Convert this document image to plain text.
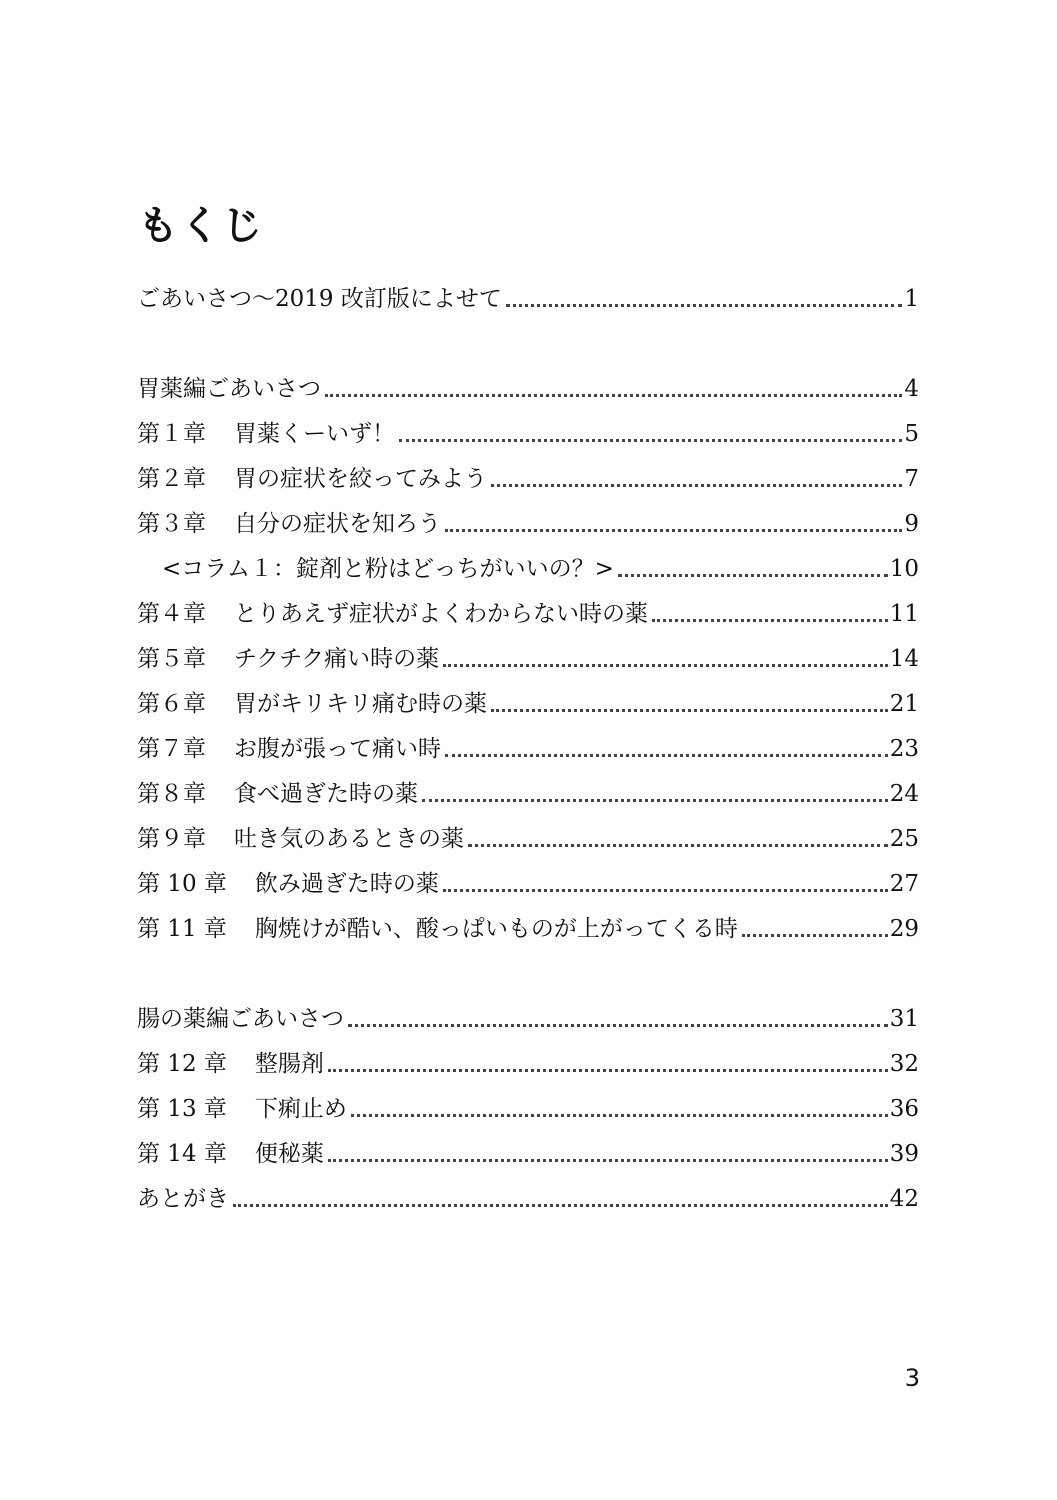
もくじ
ごあいさつ～2019 改訂版によせて	1
胃薬編ごあいさつ	4
第１章 胃薬くーいず！	5
第２章 胃の症状を絞ってみよう	7
第３章 自分の症状を知ろう	9
<コラム１：錠剤と粉はどっちがいいの？>	10
第４章 とりあえず症状がよくわからない時の薬	11
第５章 チクチク痛い時の薬	14
第６章 胃がキリキリ痛む時の薬	21
第７章 お腹が張って痛い時	23
第８章 食べ過ぎた時の薬	24
第９章 吐き気のあるときの薬	25
第 10 章 飲み過ぎた時の薬	27
第 11 章 胸焼けが酷い、酸っぱいものが上がってくる時	29
腸の薬編ごあいさつ	31
第 12 章 整腸剤	32
第 13 章 下痢止め	36
第 14 章 便秘薬	39
あとがき	42
3
